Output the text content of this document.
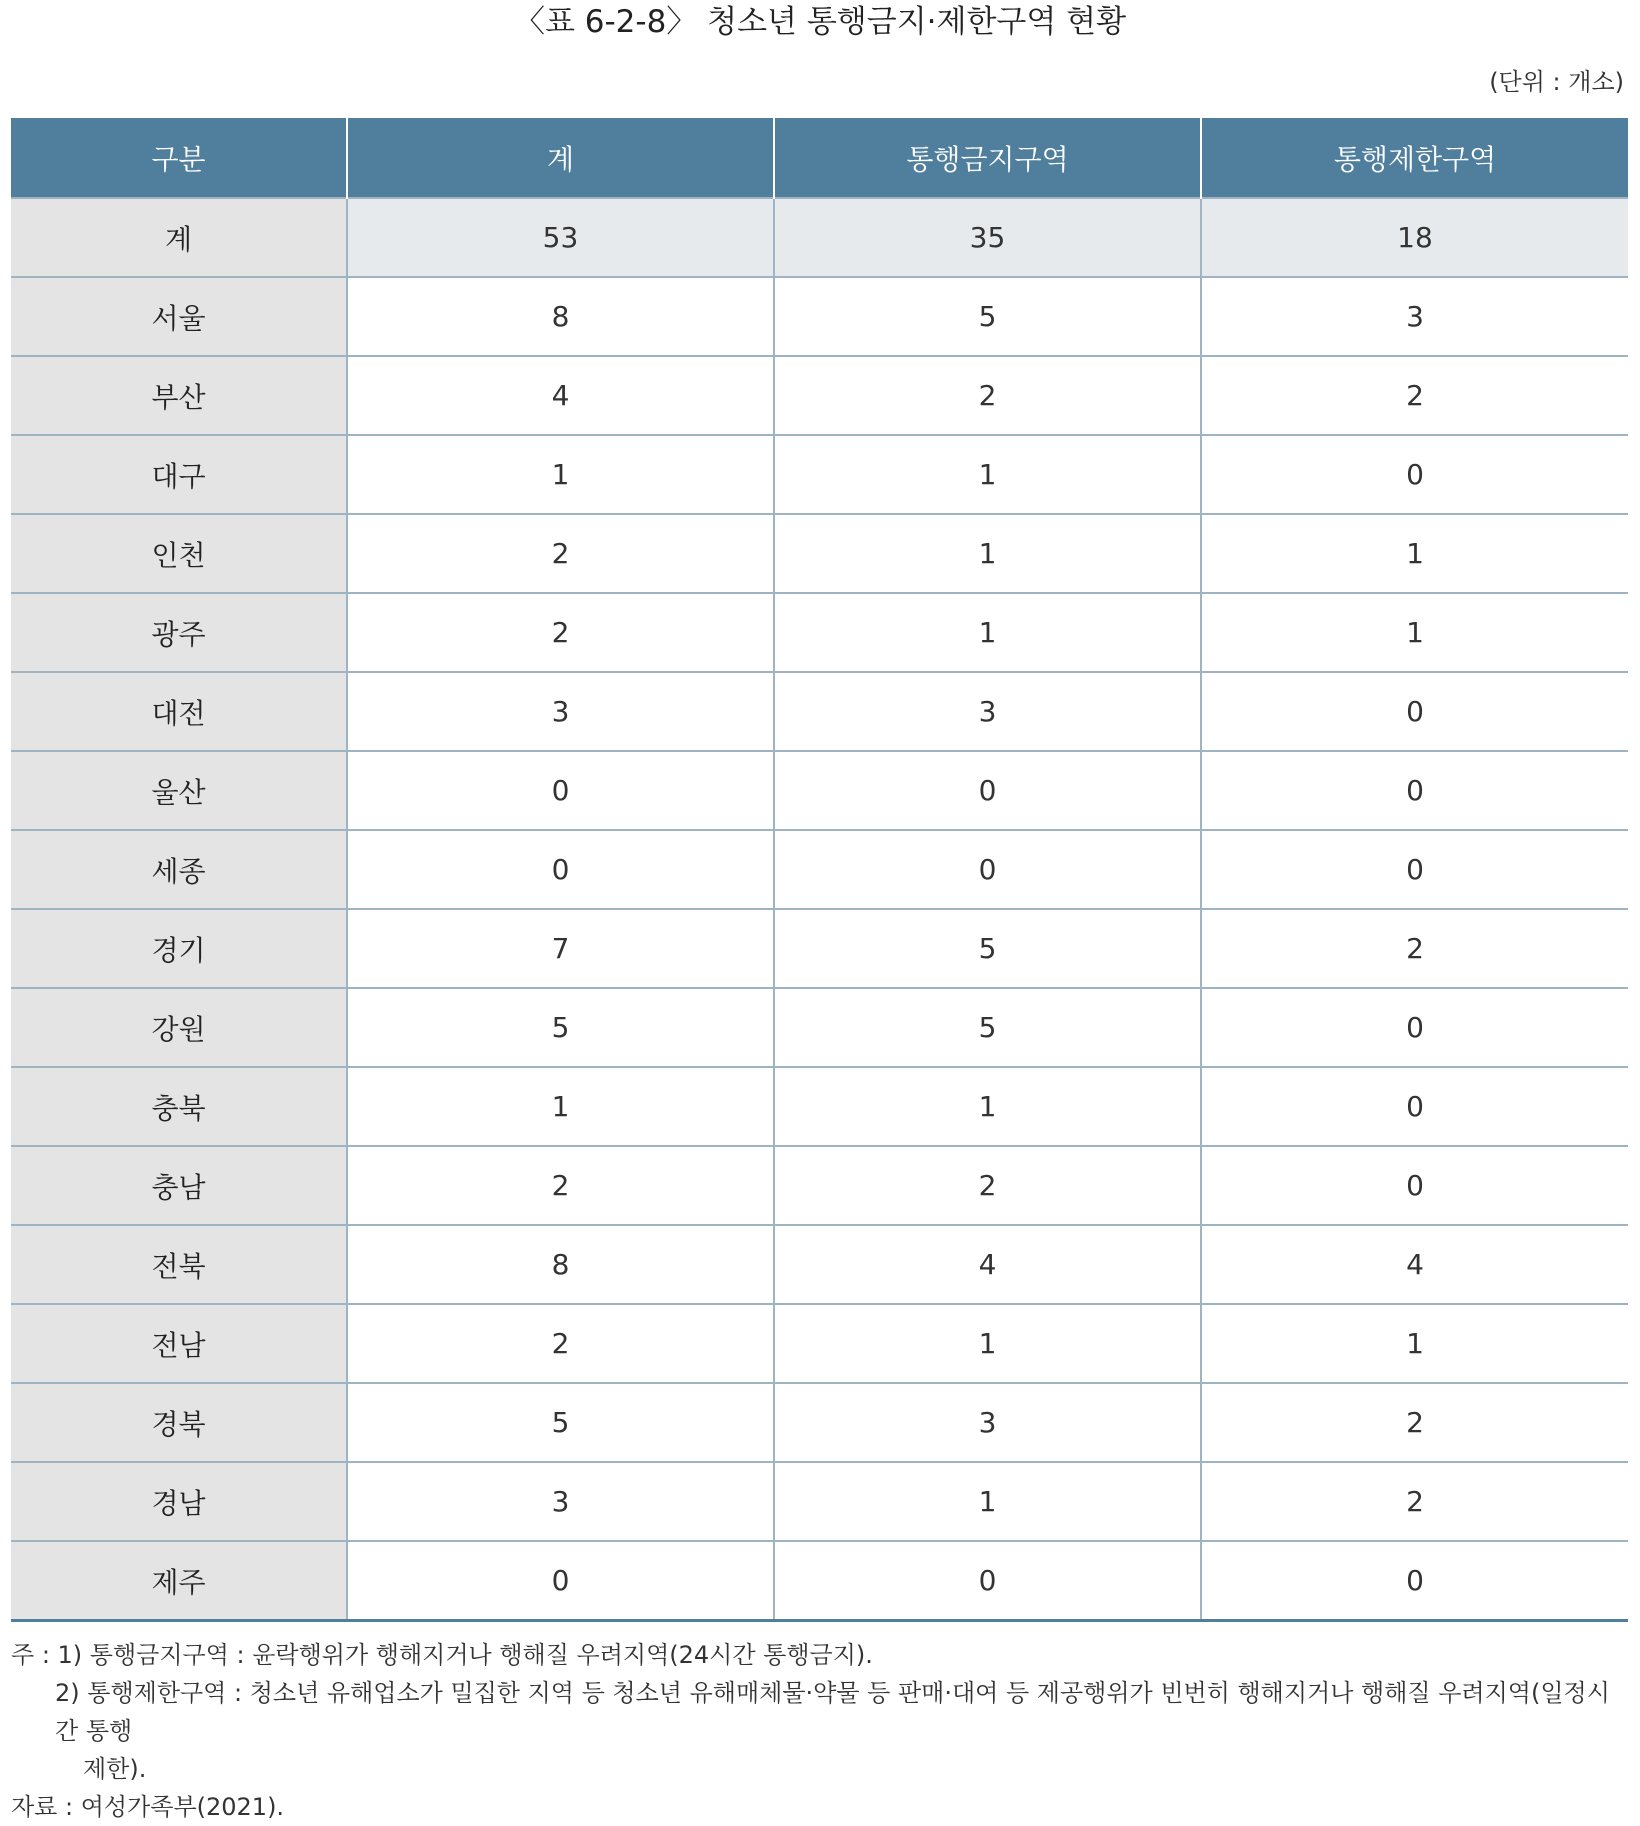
〈표 6-2-8〉 청소년 통행금지·제한구역 현황
(단위 : 개소)
구분	계	통행금지구역	통행제한구역
계	53	35	18
서울	8	5	3
부산	4	2	2
대구	1	1	0
인천	2	1	1
광주	2	1	1
대전	3	3	0
울산	0	0	0
세종	0	0	0
경기	7	5	2
강원	5	5	0
충북	1	1	0
충남	2	2	0
전북	8	4	4
전남	2	1	1
경북	5	3	2
경남	3	1	2
제주	0	0	0
주 : 1) 통행금지구역 : 윤락행위가 행해지거나 행해질 우려지역(24시간 통행금지).
2) 통행제한구역 : 청소년 유해업소가 밀집한 지역 등 청소년 유해매체물·약물 등 판매·대여 등 제공행위가 빈번히 행해지거나 행해질 우려지역(일정시간 통행
제한).
자료 : 여성가족부(2021).
